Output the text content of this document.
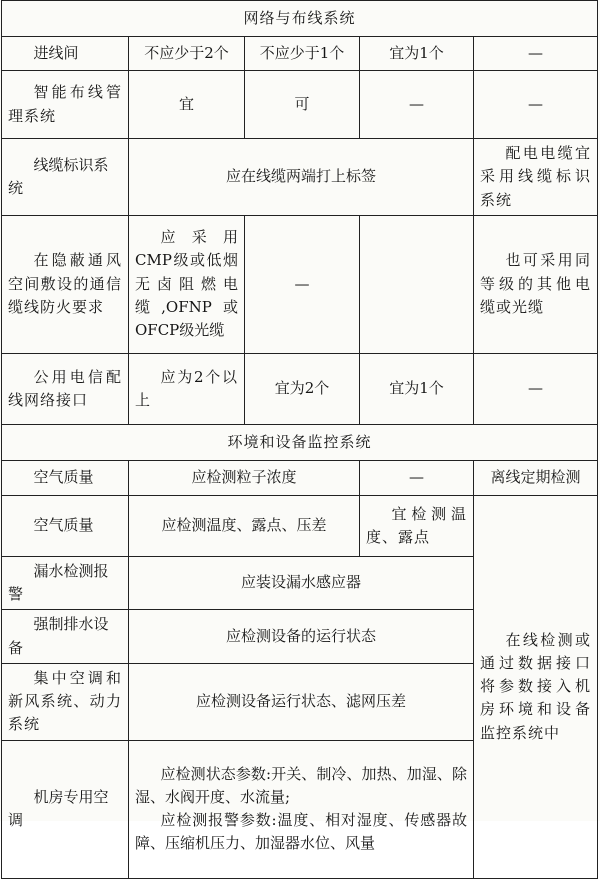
网络与布线系统				
进线间	不应少于2个	不应少于1个	宜为1个	—
智能布线管理系统	宜	可	—	—
线缆标识系统	应在线缆两端打上标签			配电电缆宜采用线缆标识系统
在隐蔽通风空间敷设的通信缆线防火要求	应采用CMP级或低烟无卤阻燃电缆,OFNP或OFCP级光缆	—		也可采用同等级的其他电缆或光缆
公用电信配线网络接口	应为2个以上	宜为2个	宜为1个	—
环境和设备监控系统				
空气质量	应检测粒子浓度		—	离线定期检测
空气质量	应检测温度、露点、压差		宜检测温度、露点	在线检测或通过数据接口将参数接入机房环境和设备监控系统中
漏水检测报警	应装设漏水感应器			
强制排水设备	应检测设备的运行状态			
集中空调和新风系统、动力系统	应检测设备运行状态、滤网压差			
机房专用空调	应检测状态参数:开关、制冷、加热、加湿、除湿、水阀开度、水流量;

应检测报警参数:温度、相对湿度、传感器故障、压缩机压力、加湿器水位、风量			
